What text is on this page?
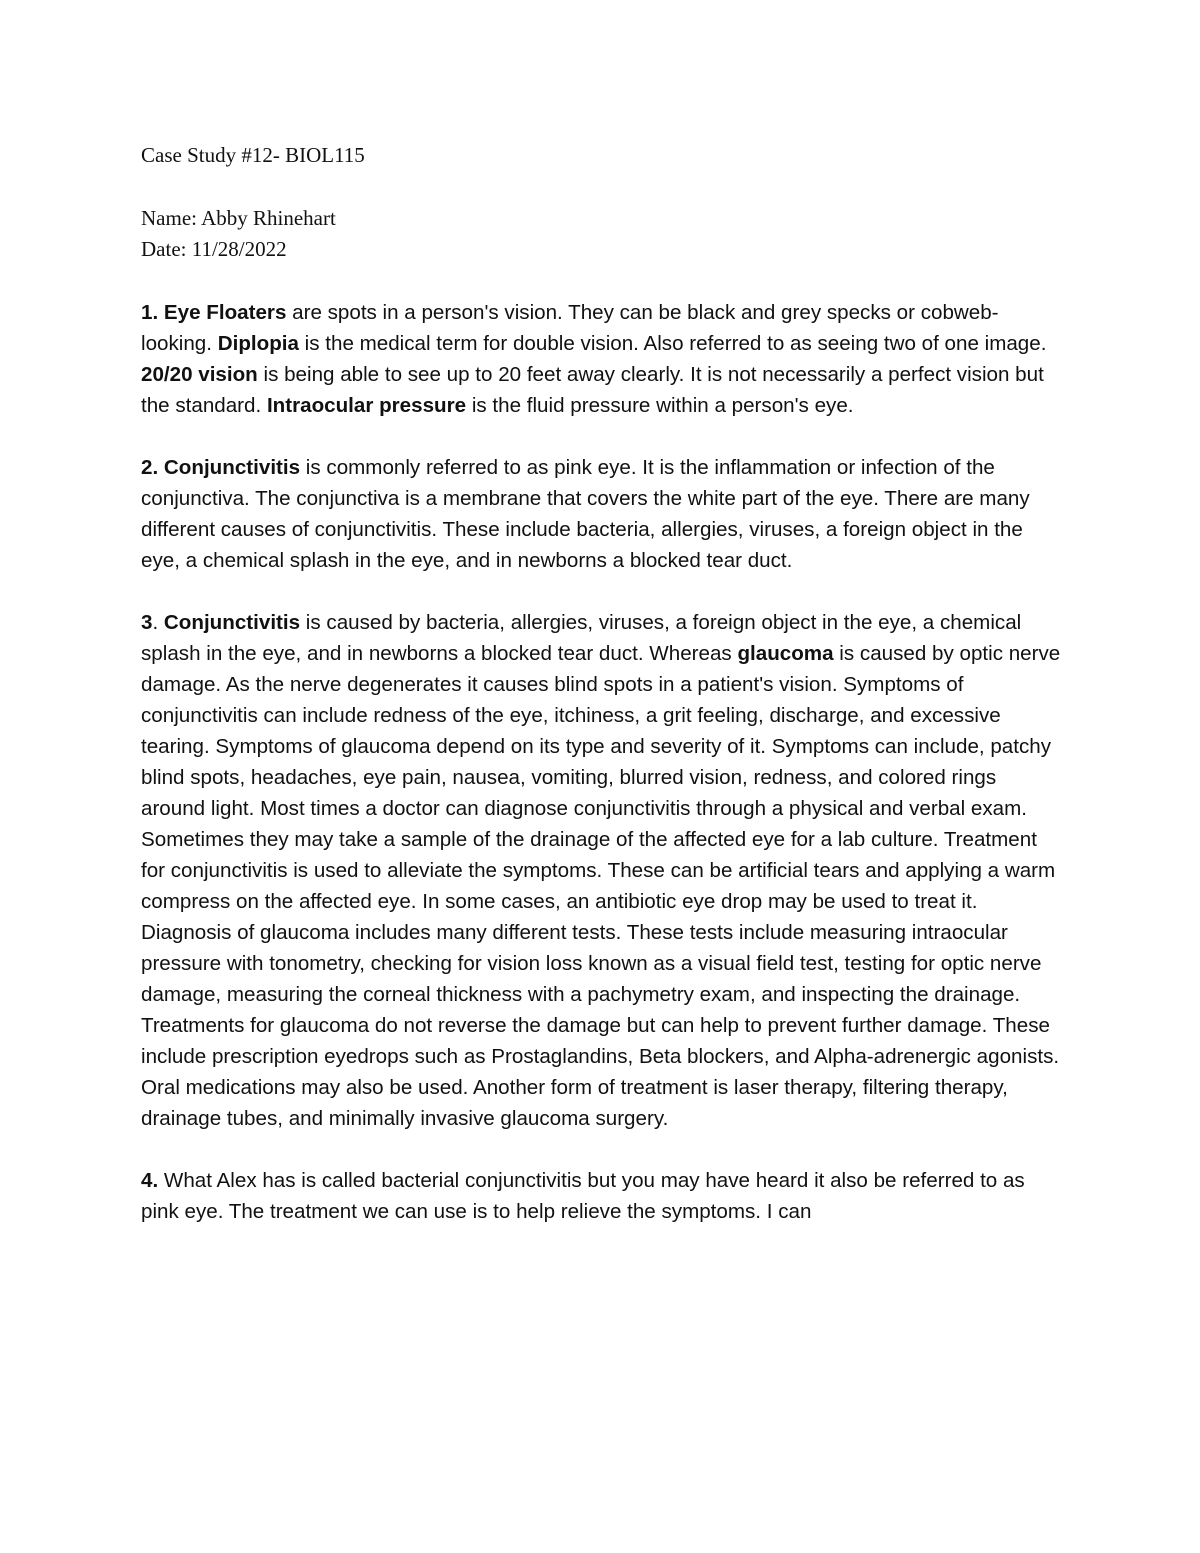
Case Study #12- BIOL115

Name: Abby Rhinehart

Date: 11/28/2022

1. Eye Floaters are spots in a person's vision. They can be black and grey specks or cobweb-looking. Diplopia is the medical term for double vision. Also referred to as seeing two of one image. 20/20 vision is being able to see up to 20 feet away clearly. It is not necessarily a perfect vision but the standard. Intraocular pressure is the fluid pressure within a person's eye.

2. Conjunctivitis is commonly referred to as pink eye. It is the inflammation or infection of the conjunctiva. The conjunctiva is a membrane that covers the white part of the eye. There are many different causes of conjunctivitis. These include bacteria, allergies, viruses, a foreign object in the eye, a chemical splash in the eye, and in newborns a blocked tear duct.

3. Conjunctivitis is caused by bacteria, allergies, viruses, a foreign object in the eye, a chemical splash in the eye, and in newborns a blocked tear duct. Whereas glaucoma is caused by optic nerve damage. As the nerve degenerates it causes blind spots in a patient's vision. Symptoms of conjunctivitis can include redness of the eye, itchiness, a grit feeling, discharge, and excessive tearing. Symptoms of glaucoma depend on its type and severity of it. Symptoms can include, patchy blind spots, headaches, eye pain, nausea, vomiting, blurred vision, redness, and colored rings around light. Most times a doctor can diagnose conjunctivitis through a physical and verbal exam. Sometimes they may take a sample of the drainage of the affected eye for a lab culture. Treatment for conjunctivitis is used to alleviate the symptoms. These can be artificial tears and applying a warm compress on the affected eye. In some cases, an antibiotic eye drop may be used to treat it. Diagnosis of glaucoma includes many different tests. These tests include measuring intraocular pressure with tonometry, checking for vision loss known as a visual field test, testing for optic nerve damage, measuring the corneal thickness with a pachymetry exam, and inspecting the drainage. Treatments for glaucoma do not reverse the damage but can help to prevent further damage. These include prescription eyedrops such as Prostaglandins, Beta blockers, and Alpha-adrenergic agonists. Oral medications may also be used. Another form of treatment is laser therapy, filtering therapy, drainage tubes, and minimally invasive glaucoma surgery.

4. What Alex has is called bacterial conjunctivitis but you may have heard it also be referred to as pink eye. The treatment we can use is to help relieve the symptoms. I can
